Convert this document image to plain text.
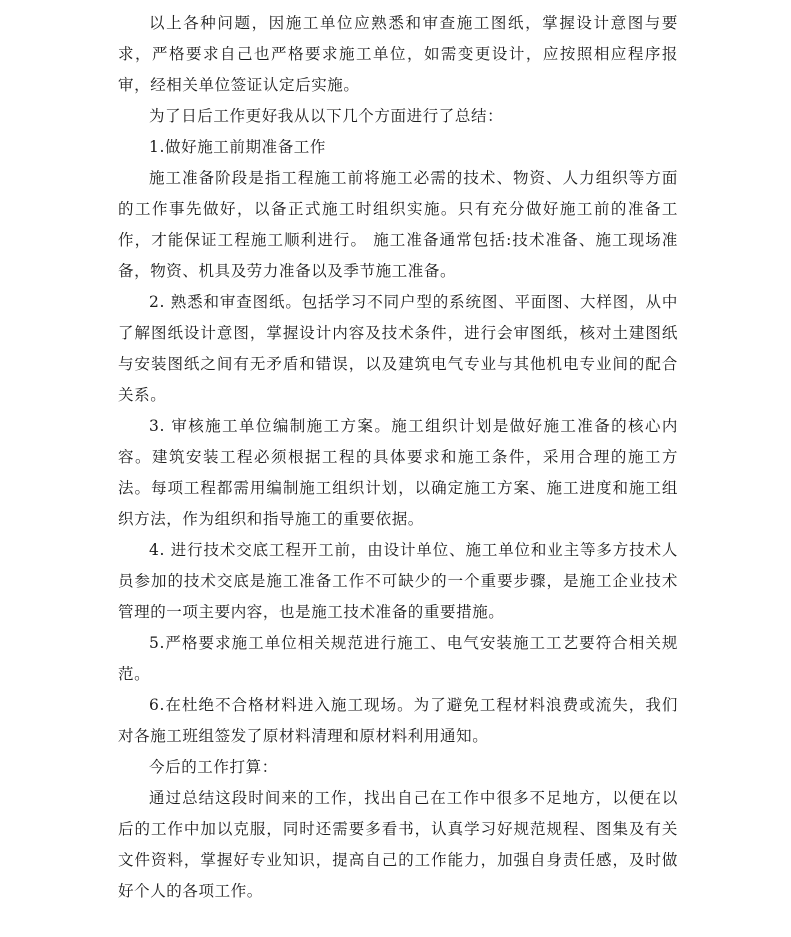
以上各种问题，因施工单位应熟悉和审查施工图纸，掌握设计意图与要求，严格要求自己也严格要求施工单位，如需变更设计，应按照相应程序报审，经相关单位签证认定后实施。

为了日后工作更好我从以下几个方面进行了总结：

1.做好施工前期准备工作

施工准备阶段是指工程施工前将施工必需的技术、物资、人力组织等方面的工作事先做好，以备正式施工时组织实施。只有充分做好施工前的准备工作，才能保证工程施工顺利进行。 施工准备通常包括:技术准备、施工现场准备，物资、机具及劳力准备以及季节施工准备。

2. 熟悉和审查图纸。包括学习不同户型的系统图、平面图、大样图，从中了解图纸设计意图，掌握设计内容及技术条件，进行会审图纸，核对土建图纸与安装图纸之间有无矛盾和错误，以及建筑电气专业与其他机电专业间的配合关系。

3. 审核施工单位编制施工方案。施工组织计划是做好施工准备的核心内容。建筑安装工程必须根据工程的具体要求和施工条件，采用合理的施工方法。每项工程都需用编制施工组织计划，以确定施工方案、施工进度和施工组织方法，作为组织和指导施工的重要依据。

4. 进行技术交底工程开工前，由设计单位、施工单位和业主等多方技术人员参加的技术交底是施工准备工作不可缺少的一个重要步骤，是施工企业技术管理的一项主要内容，也是施工技术准备的重要措施。

5.严格要求施工单位相关规范进行施工、电气安装施工工艺要符合相关规范。

6.在杜绝不合格材料进入施工现场。为了避免工程材料浪费或流失，我们对各施工班组签发了原材料清理和原材料利用通知。

今后的工作打算：

通过总结这段时间来的工作，找出自己在工作中很多不足地方，以便在以后的工作中加以克服，同时还需要多看书，认真学习好规范规程、图集及有关文件资料，掌握好专业知识，提高自己的工作能力，加强自身责任感，及时做好个人的各项工作。
